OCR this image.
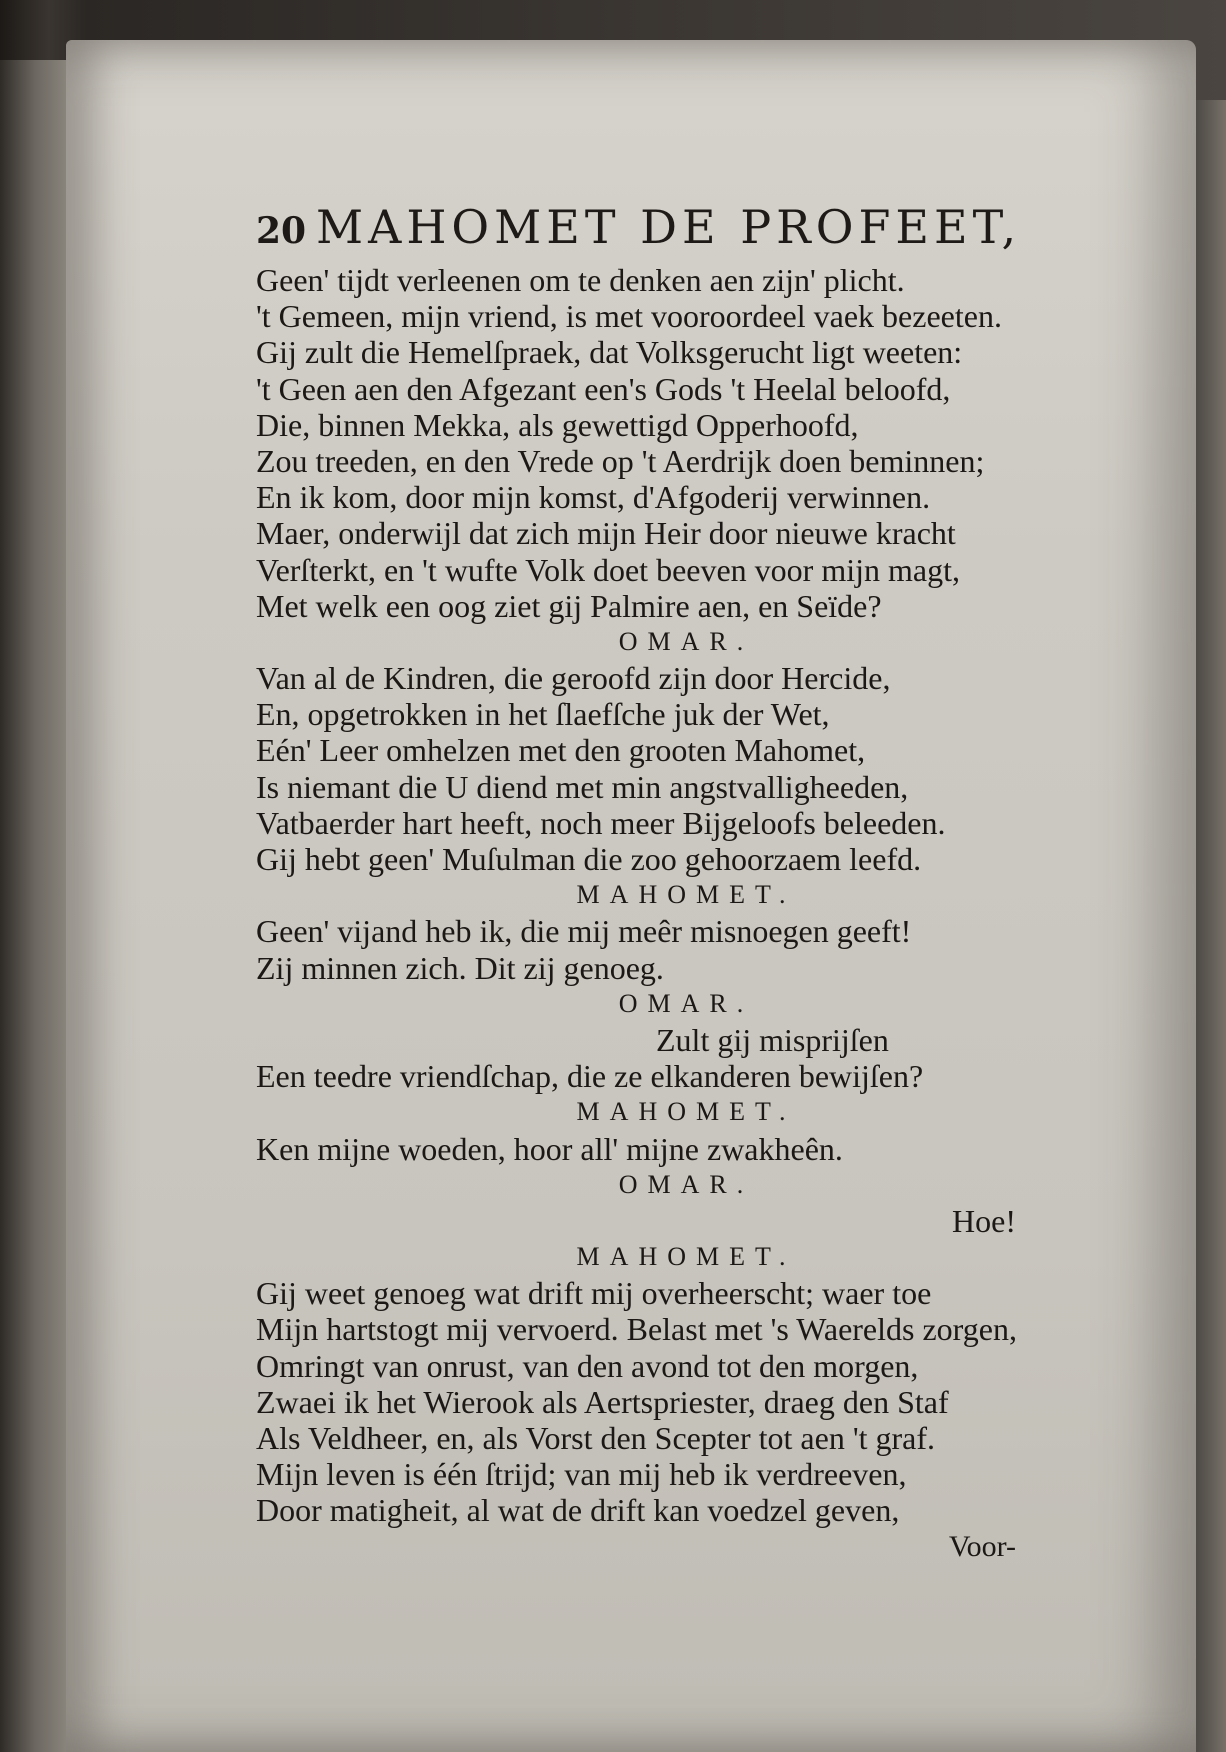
20 MAHOMET DE PROFEET,
Geen' tijdt verleenen om te denken aen zijn' plicht.
't Gemeen, mijn vriend, is met vooroordeel vaek bezeeten.
Gij zult die Hemelſpraek, dat Volksgerucht ligt weeten:
't Geen aen den Afgezant een's Gods 't Heelal beloofd,
Die, binnen Mekka, als gewettigd Opperhoofd,
Zou treeden, en den Vrede op 't Aerdrijk doen beminnen;
En ik kom, door mijn komst, d'Afgoderij verwinnen.
Maer, onderwijl dat zich mijn Heir door nieuwe kracht
Verſterkt, en 't wufte Volk doet beeven voor mijn magt,
Met welk een oog ziet gij Palmire aen, en Seïde?
OMAR.
Van al de Kindren, die geroofd zijn door Hercide,
En, opgetrokken in het ſlaefſche juk der Wet,
Eén' Leer omhelzen met den grooten Mahomet,
Is niemant die U diend met min angstvalligheeden,
Vatbaerder hart heeft, noch meer Bijgeloofs beleeden.
Gij hebt geen' Muſulman die zoo gehoorzaem leefd.
MAHOMET.
Geen' vijand heb ik, die mij meêr misnoegen geeft!
Zij minnen zich. Dit zij genoeg.
OMAR.
Zult gij misprijſen
Een teedre vriendſchap, die ze elkanderen bewijſen?
MAHOMET.
Ken mijne woeden, hoor all' mijne zwakheên.
OMAR.
Hoe!
MAHOMET.
Gij weet genoeg wat drift mij overheerscht; waer toe
Mijn hartstogt mij vervoerd. Belast met 's Waerelds zorgen,
Omringt van onrust, van den avond tot den morgen,
Zwaei ik het Wierook als Aertspriester, draeg den Staf
Als Veldheer, en, als Vorst den Scepter tot aen 't graf.
Mijn leven is één ſtrijd; van mij heb ik verdreeven,
Door matigheit, al wat de drift kan voedzel geven,
Voor-
